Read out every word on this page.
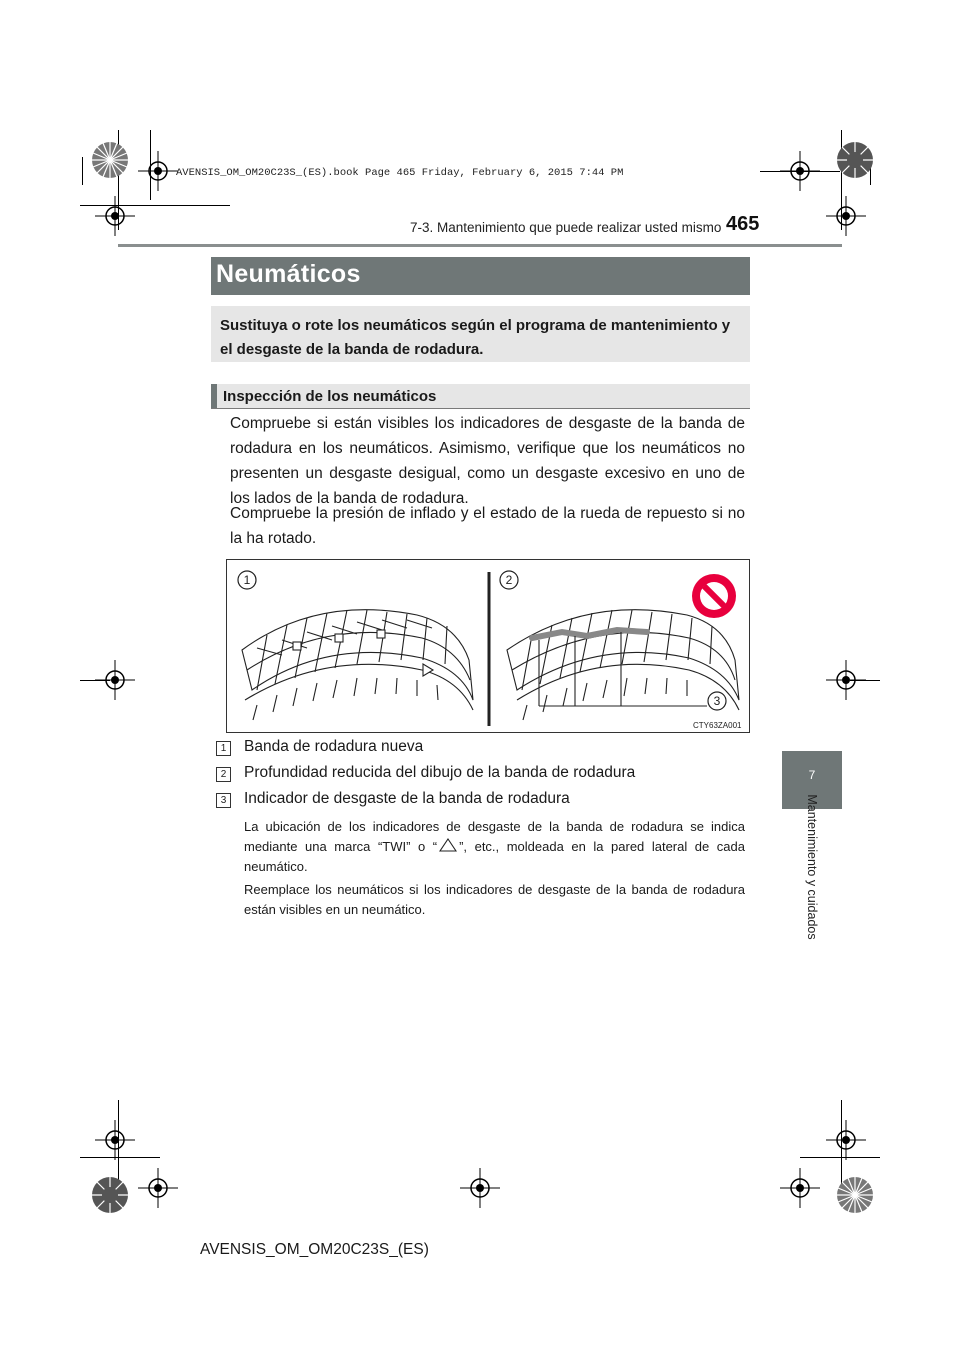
AVENSIS_OM_OM20C23S_(ES).book Page 465 Friday, February 6, 2015 7:44 PM
7-3. Mantenimiento que puede realizar usted mismo 465
7
Mantenimiento y cuidados
Neumáticos
Sustituya o rote los neumáticos según el programa de mantenimiento y el desgaste de la banda de rodadura.
Inspección de los neumáticos
Compruebe si están visibles los indicadores de desgaste de la banda de rodadura en los neumáticos. Asimismo, verifique que los neumáticos no presenten un desgaste desigual, como un desgaste excesivo en uno de los lados de la banda de rodadura.
Compruebe la presión de inflado y el estado de la rueda de repuesto si no la ha rotado.
1	2
3
CTY63ZA001
1	Banda de rodadura nueva
2	Profundidad reducida del dibujo de la banda de rodadura
3	Indicador de desgaste de la banda de rodadura
La ubicación de los indicadores de desgaste de la banda de rodadura se indica mediante una marca “TWI” o “ ”, etc., moldeada en la pared lateral de cada neumático.
Reemplace los neumáticos si los indicadores de desgaste de la banda de rodadura están visibles en un neumático.
AVENSIS_OM_OM20C23S_(ES)
